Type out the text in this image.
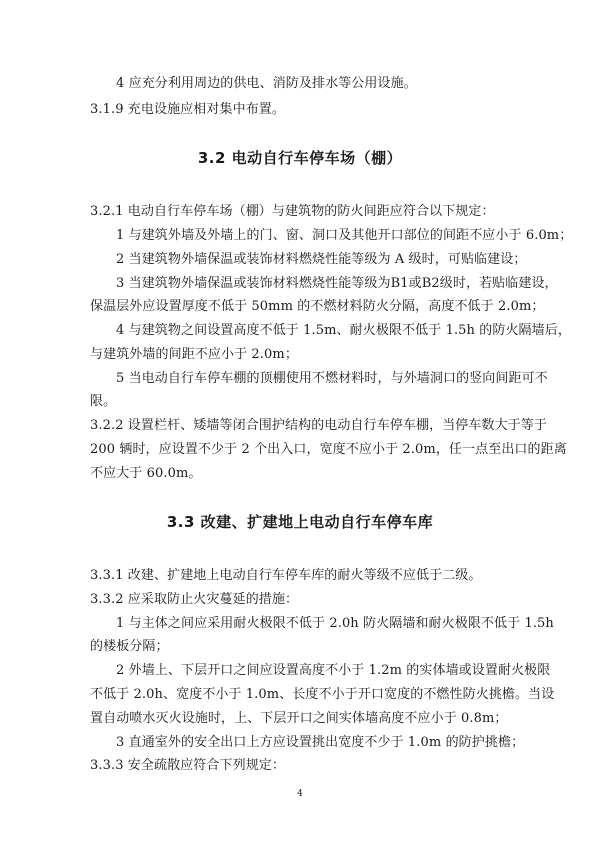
4 应充分利用周边的供电、消防及排水等公用设施。
3.1.9 充电设施应相对集中布置。
3.2 电动自行车停车场（棚）
3.2.1 电动自行车停车场（棚）与建筑物的防火间距应符合以下规定：
1 与建筑外墙及外墙上的门、窗、洞口及其他开口部位的间距不应小于 6.0m；
2 当建筑物外墙保温或装饰材料燃烧性能等级为 A 级时，可贴临建设；
3 当建筑物外墙保温或装饰材料燃烧性能等级为B1或B2级时，若贴临建设，
保温层外应设置厚度不低于 50mm 的不燃材料防火分隔，高度不低于 2.0m；
4 与建筑物之间设置高度不低于 1.5m、耐火极限不低于 1.5h 的防火隔墙后，
与建筑外墙的间距不应小于 2.0m；
5 当电动自行车停车棚的顶棚使用不燃材料时，与外墙洞口的竖向间距可不
限。
3.2.2 设置栏杆、矮墙等闭合围护结构的电动自行车停车棚，当停车数大于等于
200 辆时，应设置不少于 2 个出入口，宽度不应小于 2.0m，任一点至出口的距离
不应大于 60.0m。
3.3 改建、扩建地上电动自行车停车库
3.3.1 改建、扩建地上电动自行车停车库的耐火等级不应低于二级。
3.3.2 应采取防止火灾蔓延的措施：
1 与主体之间应采用耐火极限不低于 2.0h 防火隔墙和耐火极限不低于 1.5h
的楼板分隔；
2 外墙上、下层开口之间应设置高度不小于 1.2m 的实体墙或设置耐火极限
不低于 2.0h、宽度不小于 1.0m、长度不小于开口宽度的不燃性防火挑檐。当设
置自动喷水灭火设施时，上、下层开口之间实体墙高度不应小于 0.8m；
3 直通室外的安全出口上方应设置挑出宽度不少于 1.0m 的防护挑檐；
3.3.3 安全疏散应符合下列规定：
4
